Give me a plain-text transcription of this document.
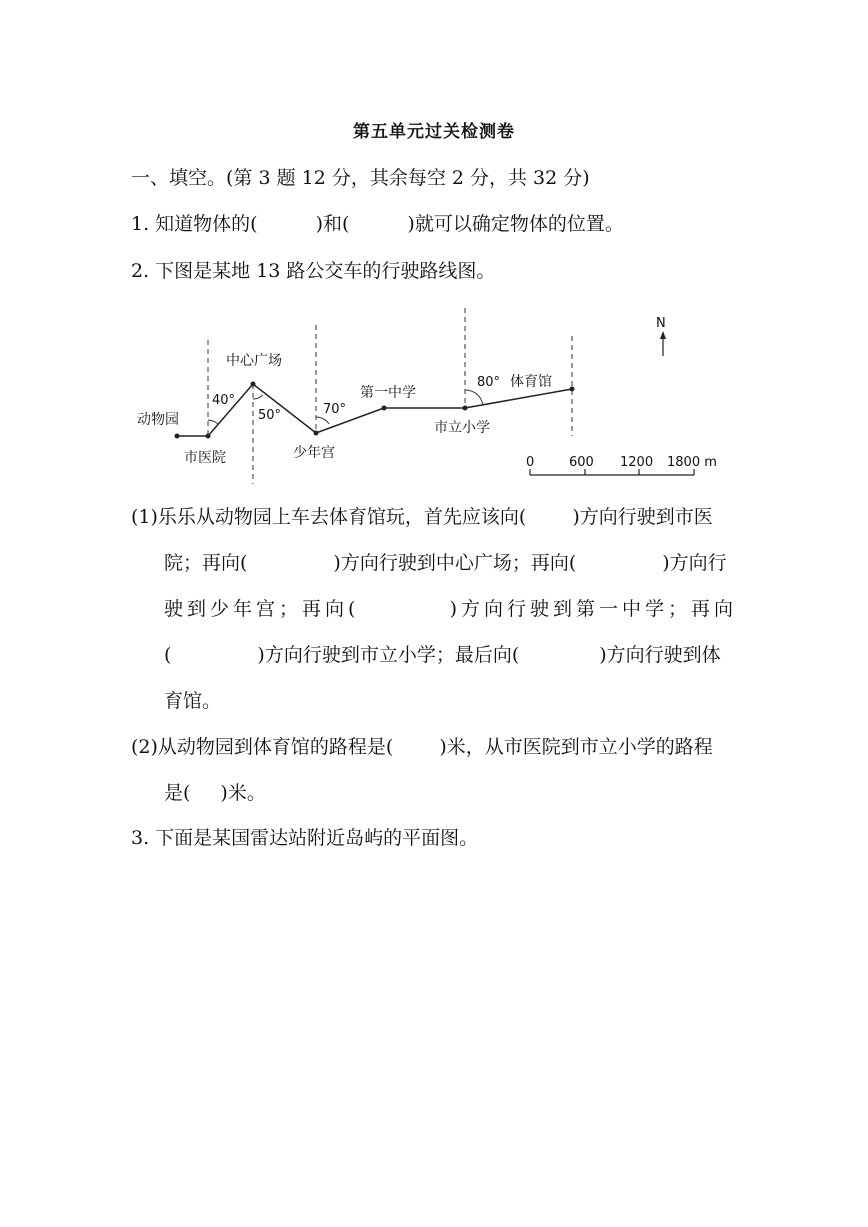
第五单元过关检测卷
一、填空。(第 3 题 12 分，其余每空 2 分，共 32 分)
1. 知道物体的(	)和(	)就可以确定物体的位置。
2. 下图是某地 13 路公交车的行驶路线图。
动物园
市医院
中心广场
少年宫
第一中学
市立小学
体育馆
40°
50°	70°
80°
N
0	600 1200 1800 m
(1)乐乐从动物园上车去体育馆玩，首先应该向( )方向行驶到市医
院；再向(	)方向行驶到中心广场；再向(	)方向行
驶到少年宫；再向(	)方向行驶到第一中学；再向
(	)方向行驶到市立小学；最后向(	)方向行驶到体
育馆。
(2)从动物园到体育馆的路程是( )米，从市医院到市立小学的路程
是( )米。
3. 下面是某国雷达站附近岛屿的平面图。
